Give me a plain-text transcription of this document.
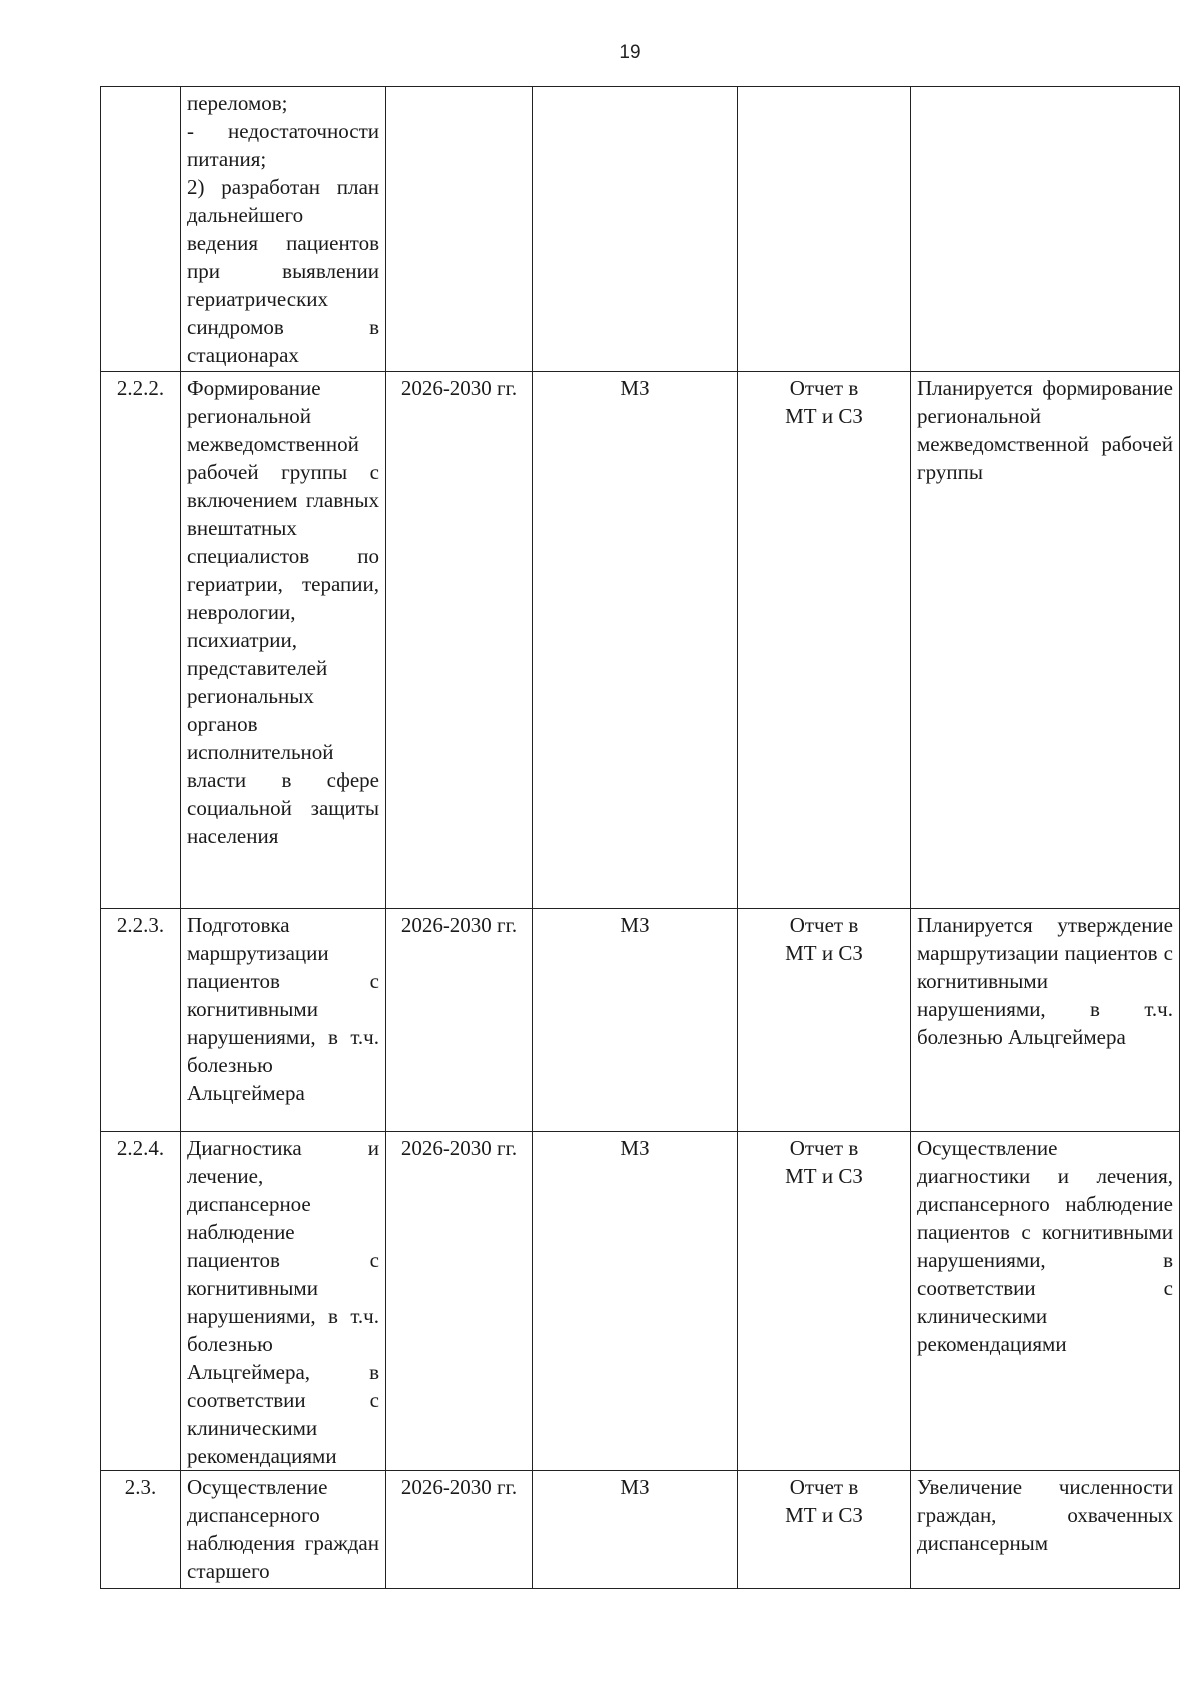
19

	переломов;
- недостаточности питания;
2) разработан план дальнейшего ведения пациентов при выявлении гериатрических синдромов в стационарах				

2.2.2.	Формирование региональной межведомственной рабочей группы с включением главных внештатных специалистов по гериатрии, терапии, неврологии, психиатрии, представителей региональных органов исполнительной власти в сфере социальной защиты населения	2026-2030 гг.	МЗ	Отчет в
МТ и СЗ	Планируется формирование региональной межведомственной рабочей группы

2.2.3.	Подготовка маршрутизации пациентов с когнитивными нарушениями, в т.ч. болезнью Альцгеймера	2026-2030 гг.	МЗ	Отчет в
МТ и СЗ	Планируется утверждение маршрутизации пациентов с когнитивными нарушениями, в т.ч. болезнью Альцгеймера

2.2.4.	Диагностика и лечение, диспансерное наблюдение пациентов с когнитивными нарушениями, в т.ч. болезнью Альцгеймера, в соответствии с клиническими рекомендациями	2026-2030 гг.	МЗ	Отчет в
МТ и СЗ	Осуществление диагностики и лечения, диспансерного наблюдение пациентов с когнитивными нарушениями, в соответствии с клиническими рекомендациями

2.3.	Осуществление диспансерного наблюдения граждан старшего	2026-2030 гг.	МЗ	Отчет в
МТ и СЗ	Увеличение численности граждан, охваченных диспансерным
